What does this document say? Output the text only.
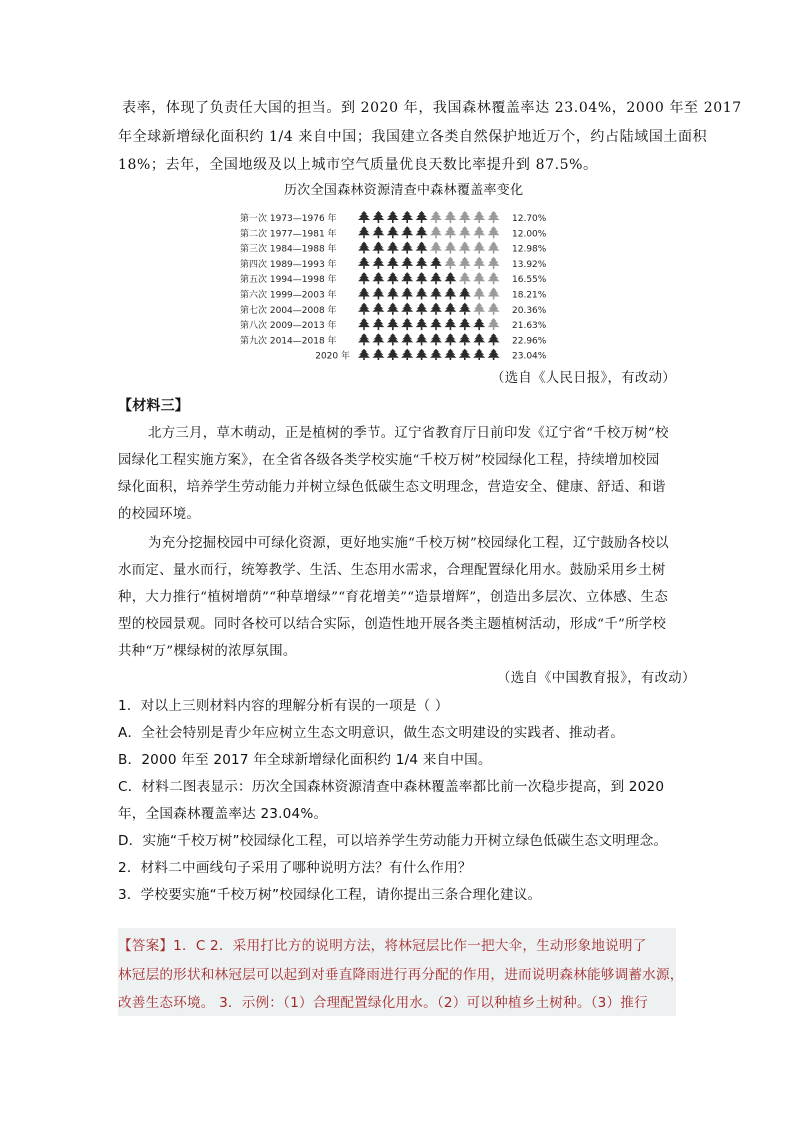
表率，体现了负责任大国的担当。到 2020 年，我国森林覆盖率达 23.04%，2000 年至 2017
年全球新增绿化面积约 1/4 来自中国；我国建立各类自然保护地近万个，约占陆域国土面积
18%；去年，全国地级及以上城市空气质量优良天数比率提升到 87.5%。
历次全国森林资源清查中森林覆盖率变化
第一次 1973—1976 年	12.70%
第二次 1977—1981 年	12.00%
第三次 1984—1988 年	12.98%
第四次 1989—1993 年	13.92%
第五次 1994—1998 年	16.55%
第六次 1999—2003 年	18.21%
第七次 2004—2008 年	20.36%
第八次 2009—2013 年	21.63%
第九次 2014—2018 年	22.96%
2020 年	23.04%
（选自《人民日报》，有改动）
【材料三】
北方三月，草木萌动，正是植树的季节。辽宁省教育厅日前印发《辽宁省“千校万树”校
园绿化工程实施方案》，在全省各级各类学校实施“千校万树”校园绿化工程，持续增加校园
绿化面积，培养学生劳动能力并树立绿色低碳生态文明理念，营造安全、健康、舒适、和谐
的校园环境。
为充分挖掘校园中可绿化资源，更好地实施“千校万树”校园绿化工程，辽宁鼓励各校以
水而定、量水而行，统筹教学、生活、生态用水需求，合理配置绿化用水。鼓励采用乡土树
种，大力推行“植树增荫”“种草增绿”“育花增美”“造景增辉”，创造出多层次、立体感、生态
型的校园景观。同时各校可以结合实际，创造性地开展各类主题植树活动，形成“千”所学校
共种“万”棵绿树的浓厚氛围。
（选自《中国教育报》，有改动）
1．对以上三则材料内容的理解分析有误的一项是（ ）
A．全社会特别是青少年应树立生态文明意识，做生态文明建设的实践者、推动者。
B．2000 年至 2017 年全球新增绿化面积约 1/4 来自中国。
C．材料二图表显示：历次全国森林资源清查中森林覆盖率都比前一次稳步提高，到 2020
年，全国森林覆盖率达 23.04%。
D．实施“千校万树”校园绿化工程，可以培养学生劳动能力开树立绿色低碳生态文明理念。
2．材料二中画线句子采用了哪种说明方法？有什么作用？
3．学校要实施“千校万树”校园绿化工程，请你提出三条合理化建议。
【答案】1．C 2．采用打比方的说明方法，将林冠层比作一把大伞，生动形象地说明了
林冠层的形状和林冠层可以起到对垂直降雨进行再分配的作用，进而说明森林能够调蓄水源，
改善生态环境。 3．示例：（1）合理配置绿化用水。（2）可以种植乡土树种。（3）推行
